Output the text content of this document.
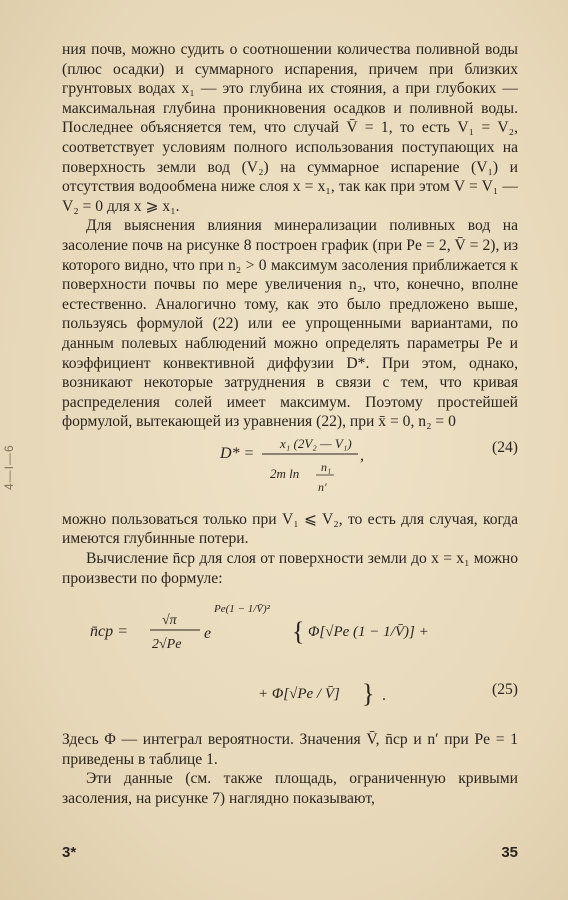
4—I—6

ния почв, можно судить о соотношении количества поливной воды (плюс осадки) и суммарного испарения, причем при близких грунтовых водах x₁ — это глубина их стояния, а при глубоких — максимальная глубина проникновения осадков и поливной воды. Последнее объясняется тем, что случай V̄ = 1, то есть V₁ = V₂, соответствует условиям полного использования поступающих на поверхность земли вод (V₂) на суммарное испарение (V₁) и отсутствия водообмена ниже слоя x = x₁, так как при этом V = V₁ — V₂ = 0 для x ⩾ x₁.

Для выяснения влияния минерализации поливных вод на засоление почв на рисунке 8 построен график (при Pe = 2, V̄ = 2), из которого видно, что при n₂ > 0 максимум засоления приближается к поверхности почвы по мере увеличения n₂, что, конечно, вполне естественно. Аналогично тому, как это было предложено выше, пользуясь формулой (22) или ее упрощенными вариантами, по данным полевых наблюдений можно определять параметры Pe и коэффициент конвективной диффузии D*. При этом, однако, возникают некоторые затруднения в связи с тем, что кривая распределения солей имеет максимум. Поэтому простейшей формулой, вытекающей из уравнения (22), при x̄ = 0, n₂ = 0

D* =
x₁ (2V₂ — V₁)
2m ln n₁
n′
,	(24)

можно пользоваться только при V₁ ⩽ V₂, то есть для случая, когда имеются глубинные потери.

Вычисление n̄ср для слоя от поверхности земли до x = x₁ можно произвести по формуле:

n̄ср =
√π
2√Pe
e
Pe(1 − 1/V̄)²
{ Φ[√Pe (1 − 1/V̄)] +
+ Φ[√Pe / V̄] } .	(25)

Здесь Φ — интеграл вероятности. Значения V̄, n̄ср и n′ при Pe = 1 приведены в таблице 1.

Эти данные (см. также площадь, ограниченную кривыми засоления, на рисунке 7) наглядно показывают,

3*	35
